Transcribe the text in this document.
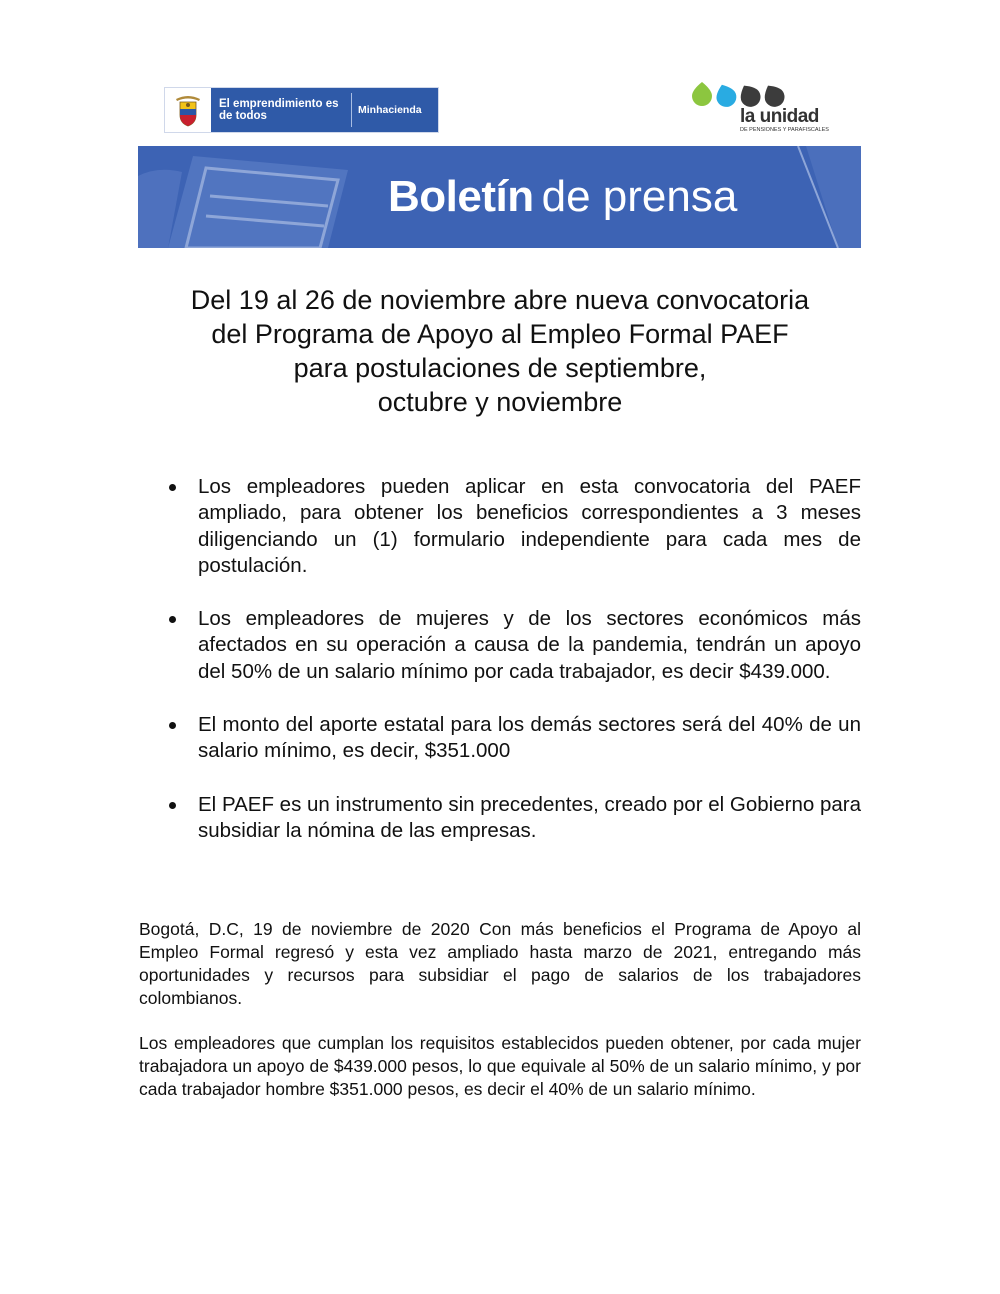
El emprendimiento es de todos	Minhacienda	la unidad
DE PENSIONES Y PARAFISCALES
Boletín de prensa
Del 19 al 26 de noviembre abre nueva convocatoria
del Programa de Apoyo al Empleo Formal PAEF
para postulaciones de septiembre,
octubre y noviembre
Los empleadores pueden aplicar en esta convocatoria del PAEF ampliado, para obtener los beneficios correspondientes a 3 meses diligenciando un (1) formulario independiente para cada mes de postulación.
Los empleadores de mujeres y de los sectores económicos más afectados en su operación a causa de la pandemia, tendrán un apoyo del 50% de un salario mínimo por cada trabajador, es decir $439.000.
El monto del aporte estatal para los demás sectores será del 40% de un salario mínimo, es decir, $351.000
El PAEF es un instrumento sin precedentes, creado por el Gobierno para subsidiar la nómina de las empresas.

Bogotá, D.C, 19 de noviembre de 2020 Con más beneficios el Programa de Apoyo al Empleo Formal regresó y esta vez ampliado hasta marzo de 2021, entregando más oportunidades y recursos para subsidiar el pago de salarios de los trabajadores colombianos.

Los empleadores que cumplan los requisitos establecidos pueden obtener, por cada mujer trabajadora un apoyo de $439.000 pesos, lo que equivale al 50% de un salario mínimo, y por cada trabajador hombre $351.000 pesos, es decir el 40% de un salario mínimo.
